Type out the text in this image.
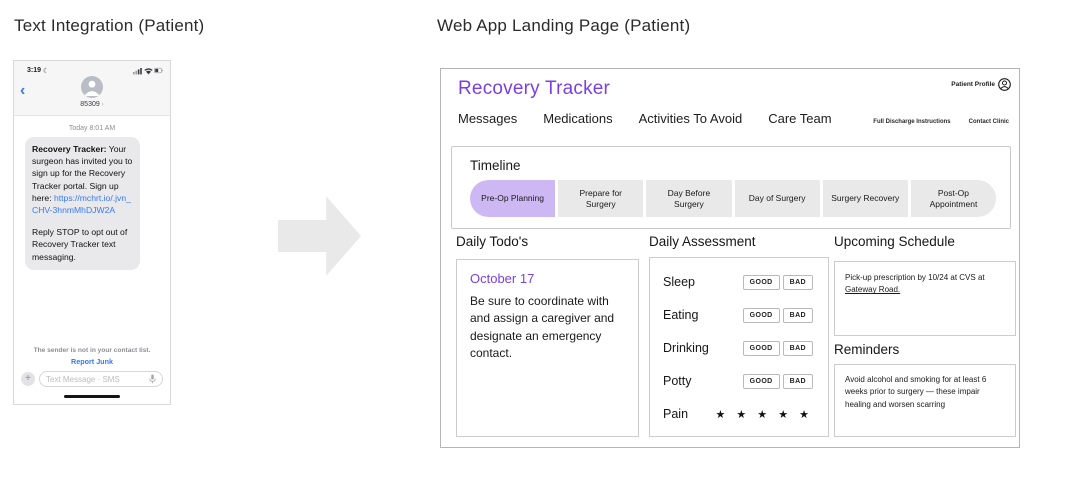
Text Integration (Patient)
3:19 ☾
‹
85309 ›
Today 8:01 AM
Recovery Tracker: Your surgeon has invited you to sign up for the Recovery Tracker portal. Sign up here: https://mchrt.io/.jvn_CHV-3hnmMhDJW2A
Reply STOP to opt out of Recovery Tracker text messaging.
The sender is not in your contact list.
Report Junk
+	Text Message · SMS
Web App Landing Page (Patient)
Recovery Tracker	Patient Profile
Messages Medications Activities To Avoid Care Team	Full Discharge Instructions	Contact Clinic
Timeline
Pre-Op Planning
Prepare for Surgery
Day Before Surgery
Day of Surgery	Surgery Recovery
Post-Op Appointment
Daily Todo's	Daily Assessment	Upcoming Schedule
Reminders
October 17
Be sure to coordinate with and assign a caregiver and designate an emergency contact.
Sleep	GOOD	BAD
Eating	GOOD	BAD
Drinking	GOOD	BAD
Potty	GOOD	BAD
Pain ★ ★ ★ ★ ★
Pick-up prescription by 10/24 at CVS at Gateway Road.
Avoid alcohol and smoking for at least 6 weeks prior to surgery — these impair healing and worsen scarring
